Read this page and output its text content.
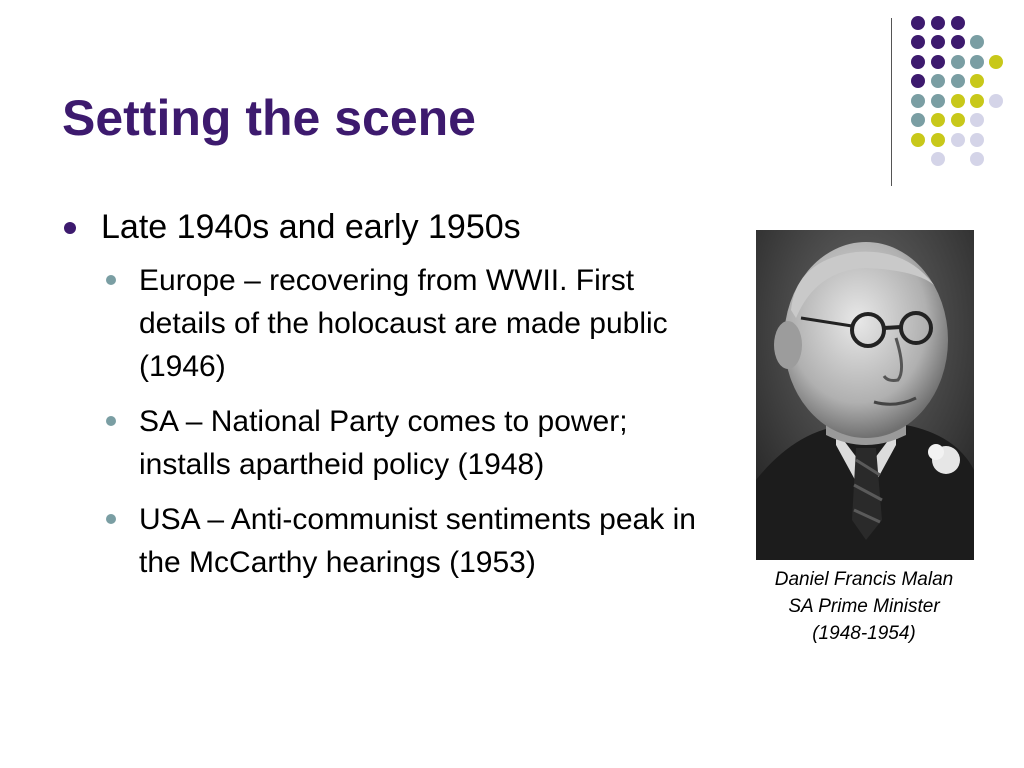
Setting the scene
Late 1940s and early 1950s
Europe – recovering from WWII. First details of the holocaust are made public (1946)
SA – National Party comes to power; installs apartheid policy (1948)
USA – Anti-communist sentiments peak in the McCarthy hearings (1953)
Daniel Francis Malan
SA Prime Minister
(1948-1954)
